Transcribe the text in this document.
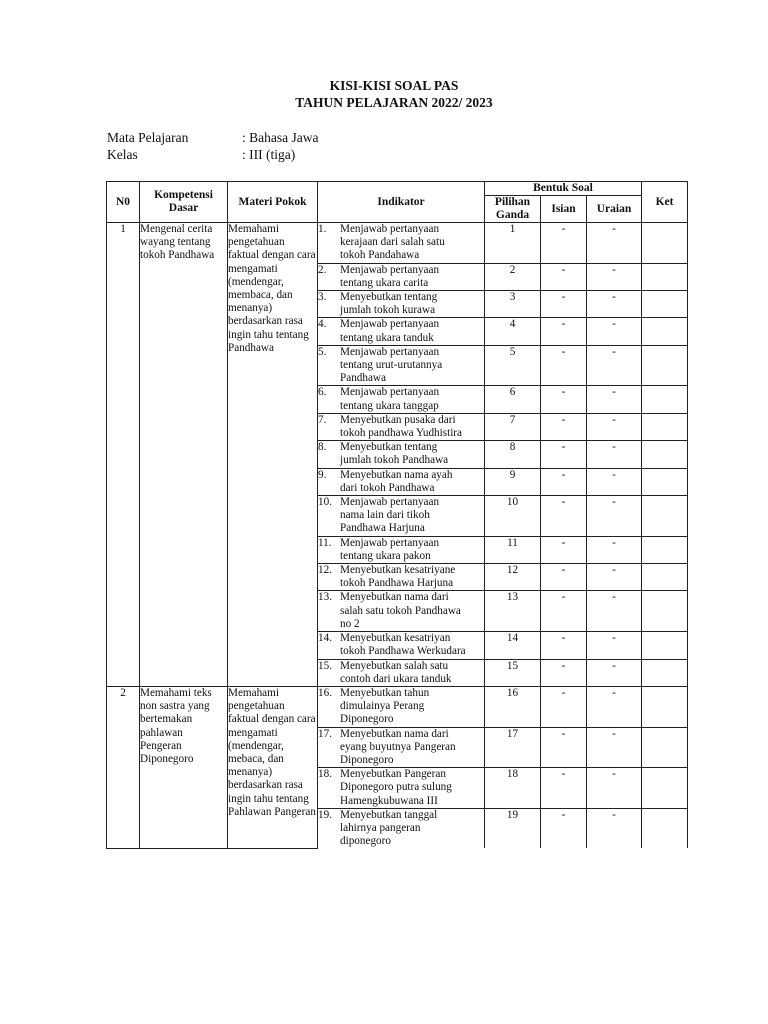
KISI-KISI SOAL PAS
TAHUN PELAJARAN 2022/ 2023
Mata Pelajaran	: Bahasa Jawa
Kelas	: III (tiga)
N0	Kompetensi Dasar	Materi Pokok	Indikator	Bentuk Soal			Ket
				Pilihan Ganda	Isian	Uraian	
1	Mengenal cerita wayang tentang tokoh Pandhawa	Memahami pengetahuan faktual dengan cara mengamati (mendengar, membaca, dan menanya) berdasarkan rasa ingin tahu tentang Pandhawa	1. Menjawab pertanyaan kerajaan dari salah satu tokoh Pandahawa	1	-	-	
			2. Menjawab pertanyaan tentang ukara carita	2	-	-	
			3. Menyebutkan tentang jumlah tokoh kurawa	3	-	-	
			4. Menjawab pertanyaan tentang ukara tanduk	4	-	-	
			5. Menjawab pertanyaan tentang urut-urutannya Pandhawa	5	-	-	
			6. Menjawab pertanyaan tentang ukara tanggap	6	-	-	
			7. Menyebutkan pusaka dari tokoh pandhawa Yudhistira	7	-	-	
			8. Menyebutkan tentang jumlah tokoh Pandhawa	8	-	-	
			9. Menyebutkan nama ayah dari tokoh Pandhawa	9	-	-	
			10. Menjawab pertanyaan nama lain dari tikoh Pandhawa Harjuna	10	-	-	
			11. Menjawab pertanyaan tentang ukara pakon	11	-	-	
			12. Menyebutkan kesatriyane tokoh Pandhawa Harjuna	12	-	-	
			13. Menyebutkan nama dari salah satu tokoh Pandhawa no 2	13	-	-	
			14. Menyebutkan kesatriyan tokoh Pandhawa Werkudara	14	-	-	
			15. Menyebutkan salah satu contoh dari ukara tanduk	15	-	-	
2	Memahami teks non sastra yang bertemakan pahlawan Pengeran Diponegoro	Memahami pengetahuan faktual dengan cara mengamati (mendengar, mebaca, dan menanya) berdasarkan rasa ingin tahu tentang Pahlawan Pangeran	16. Menyebutkan tahun dimulainya Perang Diponegoro	16	-	-	
			17. Menyebutkan nama dari eyang buyutnya Pangeran Diponegoro	17	-	-	
			18. Menyebutkan Pangeran Diponegoro putra sulung Hamengkubuwana III	18	-	-	
			19. Menyebutkan tanggal lahirnya pangeran diponegoro	19	-	-	
